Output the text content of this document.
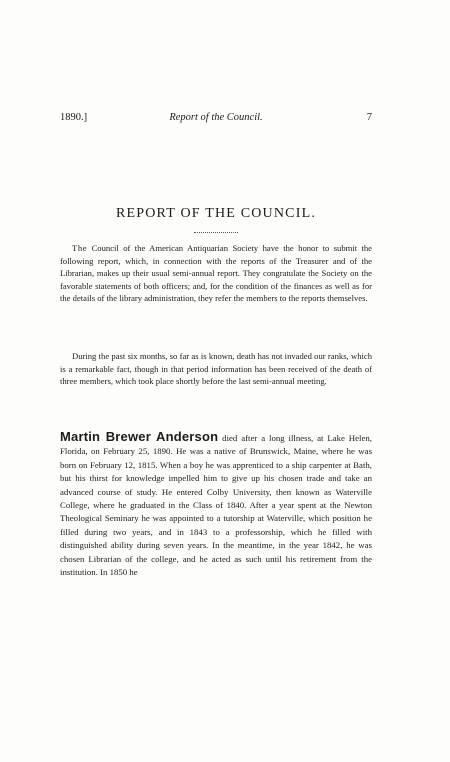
1890.]	Report of the Council.	7
REPORT OF THE COUNCIL.

The Council of the American Antiquarian Society have the honor to submit the following report, which, in connection with the reports of the Treasurer and of the Librarian, makes up their usual semi-annual report. They congratulate the Society on the favorable statements of both officers; and, for the condition of the finances as well as for the details of the library administration, they refer the members to the reports themselves.

During the past six months, so far as is known, death has not invaded our ranks, which is a remarkable fact, though in that period information has been received of the death of three members, which took place shortly before the last semi-annual meeting.

Martin Brewer Anderson died after a long illness, at Lake Helen, Florida, on February 25, 1890. He was a native of Brunswick, Maine, where he was born on February 12, 1815. When a boy he was apprenticed to a ship carpenter at Bath, but his thirst for knowledge impelled him to give up his chosen trade and take an advanced course of study. He entered Colby University, then known as Waterville College, where he graduated in the Class of 1840. After a year spent at the Newton Theological Seminary he was appointed to a tutorship at Waterville, which position he filled during two years, and in 1843 to a professorship, which he filled with distinguished ability during seven years. In the meantime, in the year 1842, he was chosen Librarian of the college, and he acted as such until his retirement from the institution. In 1850 he
